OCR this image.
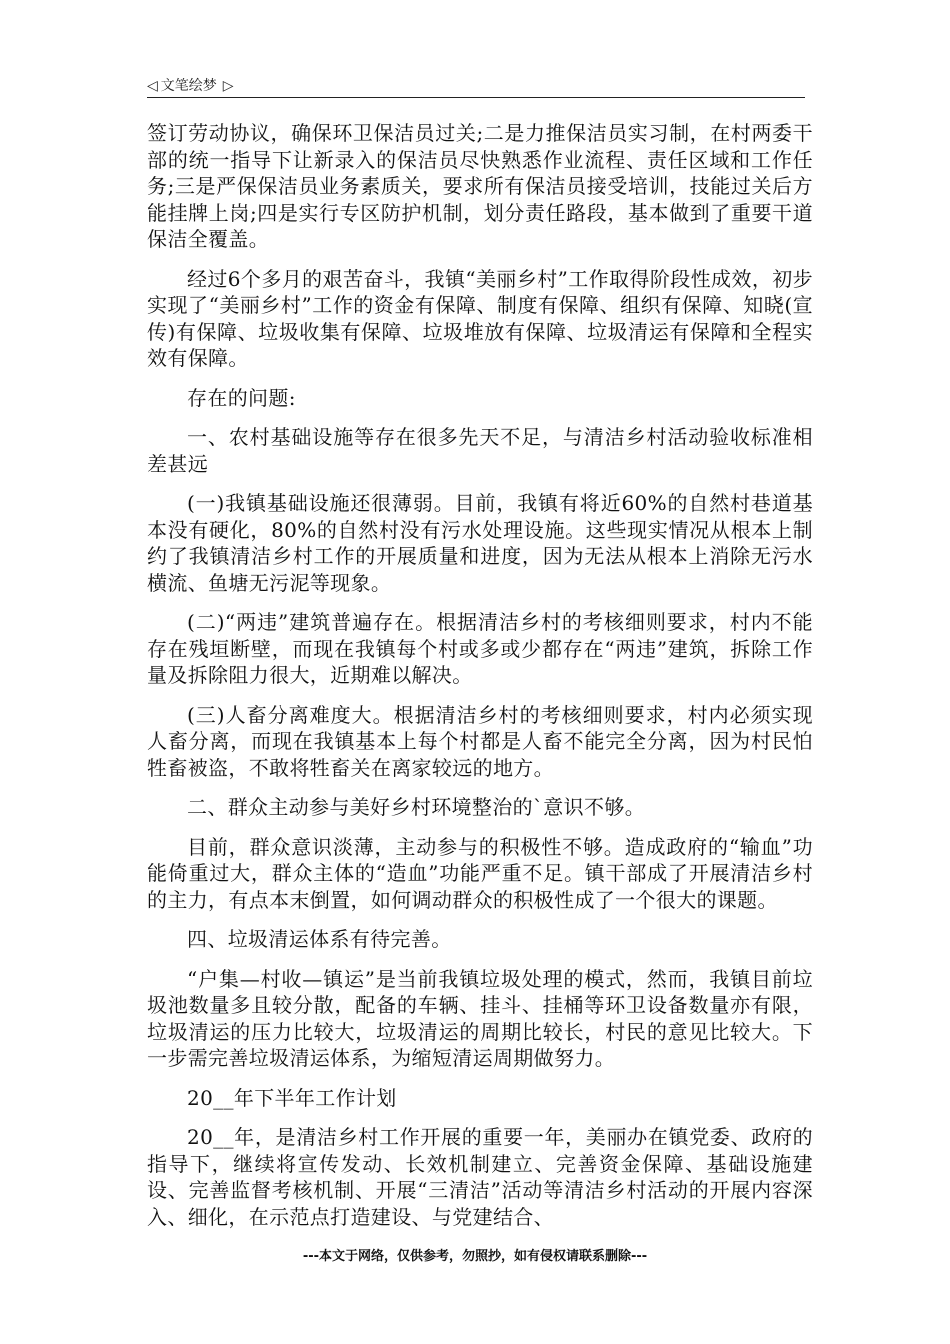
◁ 文笔绘梦 ▷

签订劳动协议，确保环卫保洁员过关;二是力推保洁员实习制，在村两委干部的统一指导下让新录入的保洁员尽快熟悉作业流程、责任区域和工作任务;三是严保保洁员业务素质关，要求所有保洁员接受培训，技能过关后方能挂牌上岗;四是实行专区防护机制，划分责任路段，基本做到了重要干道保洁全覆盖。

经过6个多月的艰苦奋斗，我镇“美丽乡村”工作取得阶段性成效，初步实现了“美丽乡村”工作的资金有保障、制度有保障、组织有保障、知晓(宣传)有保障、垃圾收集有保障、垃圾堆放有保障、垃圾清运有保障和全程实效有保障。

存在的问题:

一、农村基础设施等存在很多先天不足，与清洁乡村活动验收标准相差甚远

(一)我镇基础设施还很薄弱。目前，我镇有将近60%的自然村巷道基本没有硬化，80%的自然村没有污水处理设施。这些现实情况从根本上制约了我镇清洁乡村工作的开展质量和进度，因为无法从根本上消除无污水横流、鱼塘无污泥等现象。

(二)“两违”建筑普遍存在。根据清洁乡村的考核细则要求，村内不能存在残垣断壁，而现在我镇每个村或多或少都存在“两违”建筑，拆除工作量及拆除阻力很大，近期难以解决。

(三)人畜分离难度大。根据清洁乡村的考核细则要求，村内必须实现人畜分离，而现在我镇基本上每个村都是人畜不能完全分离，因为村民怕牲畜被盗，不敢将牲畜关在离家较远的地方。

二、群众主动参与美好乡村环境整治的`意识不够。

目前，群众意识淡薄，主动参与的积极性不够。造成政府的“输血”功能倚重过大，群众主体的“造血”功能严重不足。镇干部成了开展清洁乡村的主力，有点本末倒置，如何调动群众的积极性成了一个很大的课题。

四、垃圾清运体系有待完善。

“户集—村收—镇运”是当前我镇垃圾处理的模式，然而，我镇目前垃圾池数量多且较分散，配备的车辆、挂斗、挂桶等环卫设备数量亦有限，垃圾清运的压力比较大，垃圾清运的周期比较长，村民的意见比较大。下一步需完善垃圾清运体系，为缩短清运周期做努力。

20__年下半年工作计划

20__年，是清洁乡村工作开展的重要一年，美丽办在镇党委、政府的指导下，继续将宣传发动、长效机制建立、完善资金保障、基础设施建设、完善监督考核机制、开展“三清洁”活动等清洁乡村活动的开展内容深入、细化，在示范点打造建设、与党建结合、

---本文于网络，仅供参考，勿照抄，如有侵权请联系删除---
